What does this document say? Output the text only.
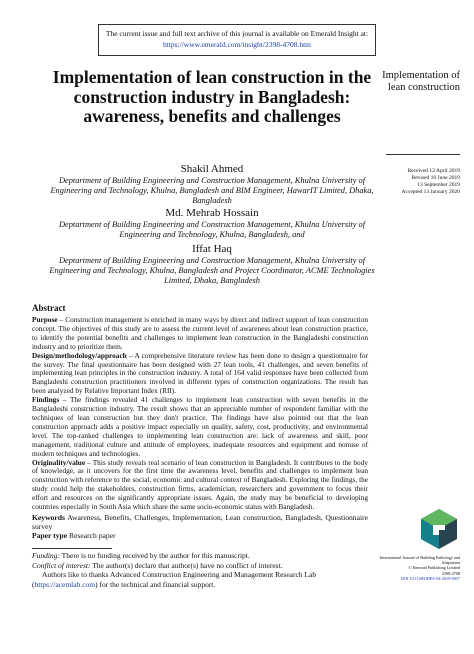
The current issue and full text archive of this journal is available on Emerald Insight at:
https://www.emerald.com/insight/2398-4708.htm
Implementation of lean construction in the construction industry in Bangladesh: awareness, benefits and challenges
Implementation of lean construction
Received 12 April 2019
Revised 16 June 2019
13 September 2019
Accepted 13 January 2020
Shakil Ahmed
Deptartment of Building Engineering and Construction Management, Khulna University of Engineering and Technology, Khulna, Bangladesh and BIM Engineer, HawarIT Limited, Dhaka, Bangladesh
Md. Mehrab Hossain
Deptartment of Building Engineering and Construction Management, Khulna University of Engineering and Technology, Khulna, Bangladesh, and
Iffat Haq
Deptartment of Building Engineering and Construction Management, Khulna University of Engineering and Technology, Khulna, Bangladesh and Project Coordinator, ACME Technologies Limited, Dhaka, Bangladesh
Abstract

Purpose – Construction management is enriched in many ways by direct and indirect support of lean construction concept. The objectives of this study are to assess the current level of awareness about lean construction practice, to identify the potential benefits and challenges to implement lean construction in the Bangladeshi construction industry and to prioritize them.

Design/methodology/approach – A comprehensive literature review has been done to design a questionnaire for the survey. The final questionnaire has been designed with 27 lean tools, 41 challenges, and seven benefits of implementing lean principles in the construction industry. A total of 164 valid responses have been collected from Bangladeshi construction practitioners involved in different types of construction organizations. The result has been analyzed by Relative Important Index (RII).

Findings – The findings revealed 41 challenges to implement lean construction with seven benefits in the Bangladeshi construction industry. The result shows that an appreciable number of respondent familiar with the techniques of lean construction but they don't practice. The findings have also pointed out that the lean construction approach adds a positive impact especially on quality, safety, cost, productivity, and environmental level. The top-ranked challenges to implementing lean construction are: lack of awareness and skill, poor management, traditional culture and attitude of employees, inadequate resources and equipment and nonuse of modern techniques and technologies.

Originality/value – This study reveals real scenario of lean construction in Bangladesh. It contributes to the body of knowledge, as it uncovers for the first time the awareness level, benefits and challenges to implement lean construction with reference to the social, economic and cultural context of Bangladesh. Exploring the findings, the study could help the stakeholders, construction firms, academician, researchers and government to focus their effort and resources on the significantly appropriate issues. Again, the study may be beneficial to developing countries especially in South Asia which share the same socio-economic status with Bangladesh.

Keywords Awareness, Benefits, Challenges, Implementation, Lean construction, Bangladesh, Questionnaire survey

Paper type Research paper

Funding: There is no funding received by the author for this manuscript.

Conflict of interest: The author(s) declare that author(s) have no conflict of interest.

Authors like to thanks Advanced Construction Engineering and Management Research Lab (https://acemlab.com) for the technical and financial support.

International Journal of Building Pathology and Adaptation
© Emerald Publishing Limited
2398-4708
DOI 10.1108/IJBPA-04-2019-0037
